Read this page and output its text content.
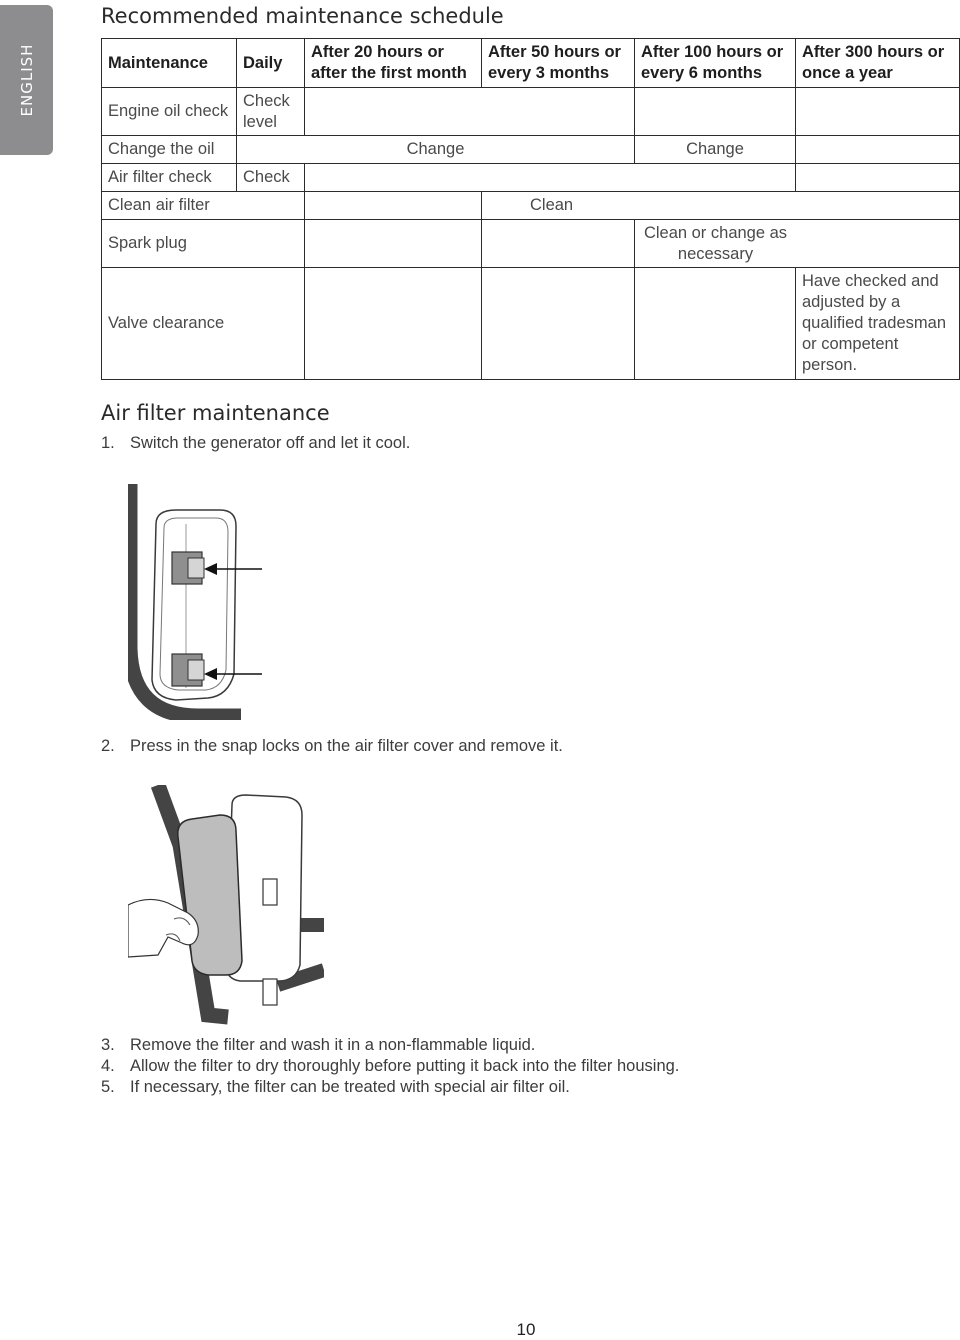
ENGLISH
Recommended maintenance schedule
Maintenance	Daily	After 20 hours or after the first month	After 50 hours or every 3 months	After 100 hours or every 6 months	After 300 hours or once a year
Engine oil check	Check level				
Change the oil	Change			Change	
Air filter check	Check				
Clean air filter			Clean		
Spark plug				Clean or change as necessary	

Valve clearance					Have checked and adjusted by a qualified tradesman or competent person.
Air filter maintenance
1. Switch the generator off and let it cool.
2. Press in the snap locks on the air filter cover and remove it.
3. Remove the filter and wash it in a non-flammable liquid.
4. Allow the filter to dry thoroughly before putting it back into the filter housing.
5. If necessary, the filter can be treated with special air filter oil.
10
